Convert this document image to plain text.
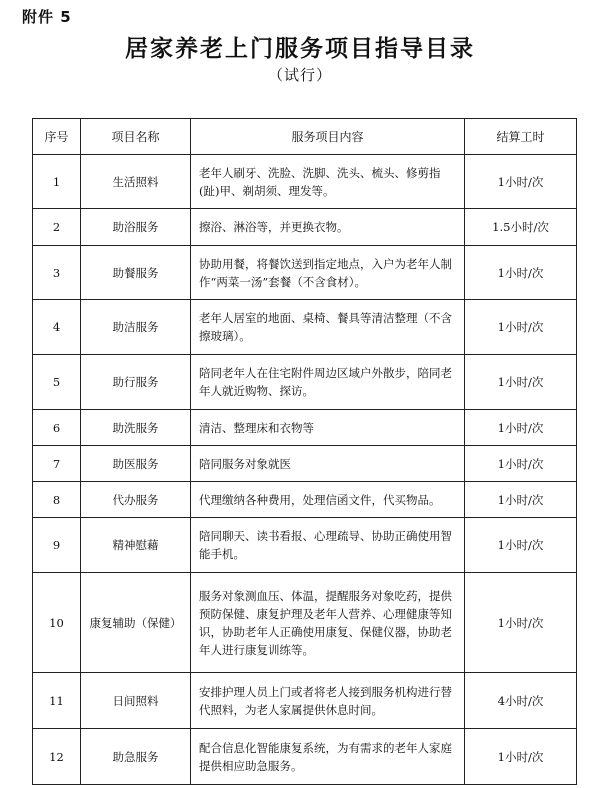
附件 5
居家养老上门服务项目指导目录
（试行）
序号	项目名称	服务项目内容	结算工时
1	生活照料	老年人刷牙、洗脸、洗脚、洗头、梳头、修剪指(趾)甲、剃胡须、理发等。	1小时/次
2	助浴服务	擦浴、淋浴等，并更换衣物。	1.5小时/次
3	助餐服务	协助用餐，将餐饮送到指定地点，入户为老年人制作“两菜一汤”套餐（不含食材）。	1小时/次
4	助洁服务	老年人居室的地面、桌椅、餐具等清洁整理（不含擦玻璃）。	1小时/次
5	助行服务	陪同老年人在住宅附件周边区域户外散步，陪同老年人就近购物、探访。	1小时/次
6	助洗服务	清洁、整理床和衣物等	1小时/次
7	助医服务	陪同服务对象就医	1小时/次
8	代办服务	代理缴纳各种费用，处理信函文件，代买物品。	1小时/次
9	精神慰藉	陪同聊天、读书看报、心理疏导、协助正确使用智能手机。	1小时/次
10	康复辅助（保健）	服务对象测血压、体温，提醒服务对象吃药，提供预防保健、康复护理及老年人营养、心理健康等知识，协助老年人正确使用康复、保健仪器，协助老年人进行康复训练等。	1小时/次
11	日间照料	安排护理人员上门或者将老人接到服务机构进行替代照料，为老人家属提供休息时间。	4小时/次
12	助急服务	配合信息化智能康复系统，为有需求的老年人家庭提供相应助急服务。	1小时/次
